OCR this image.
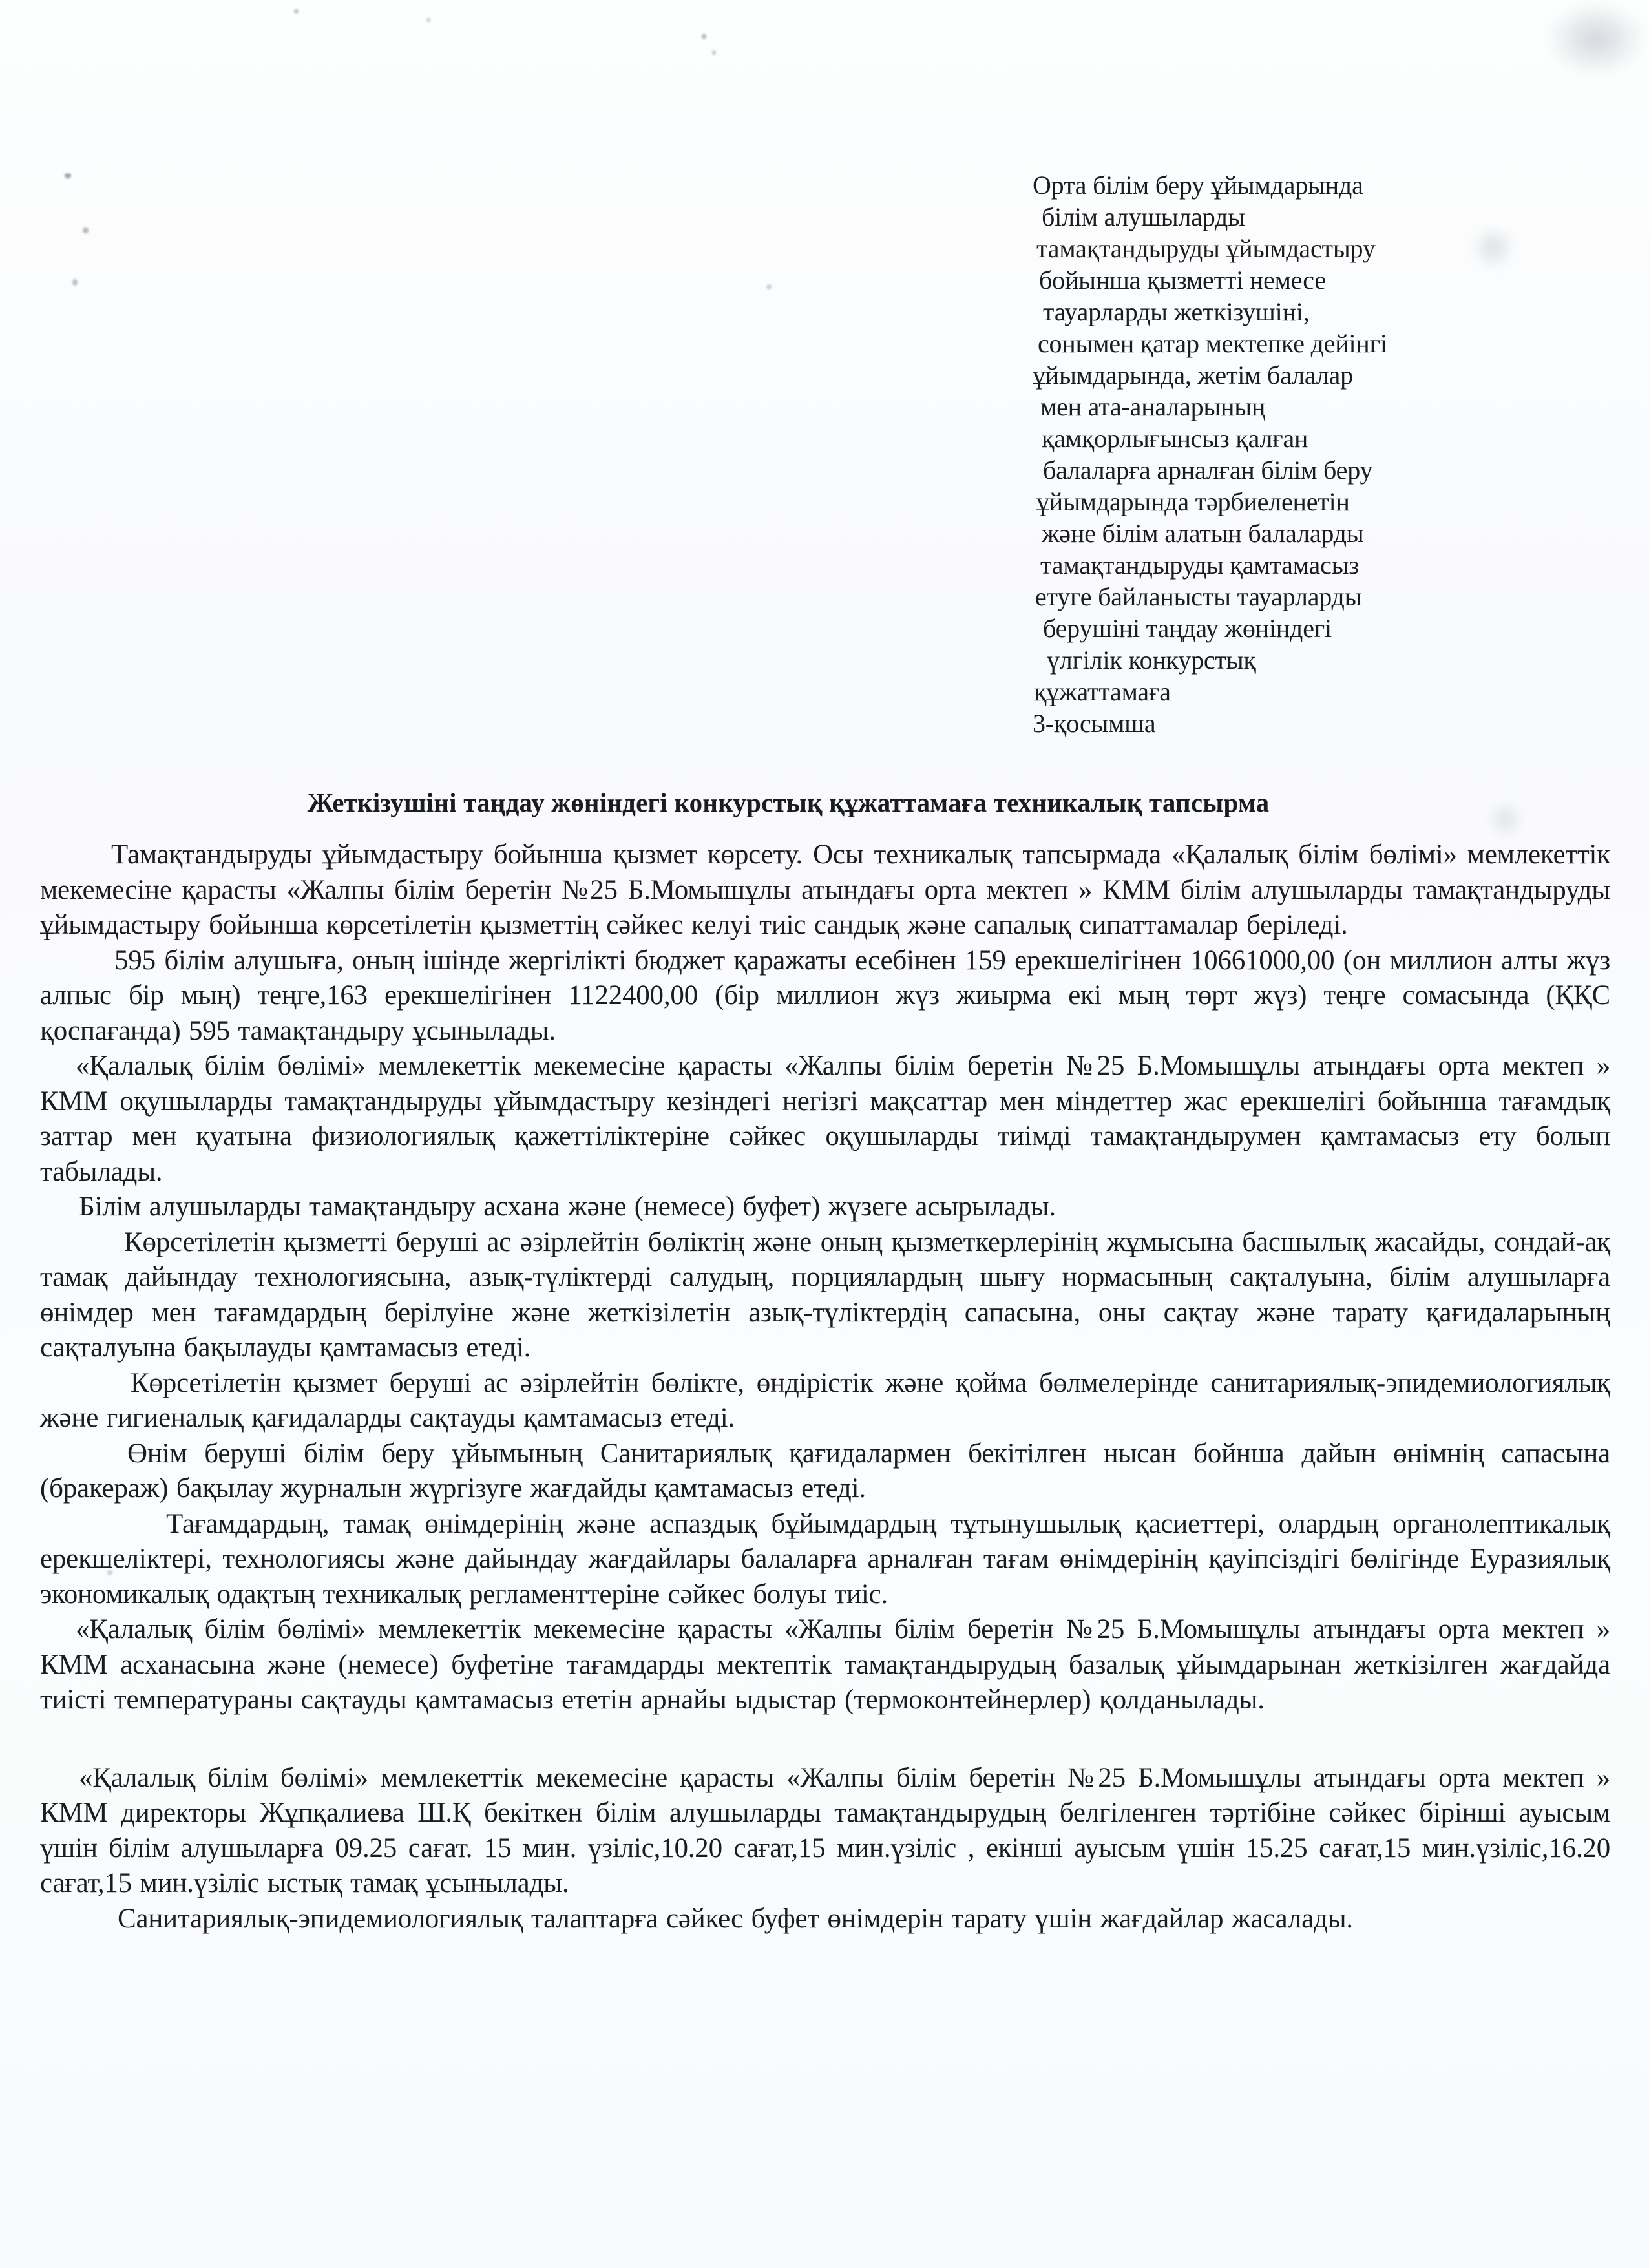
Орта білім беру ұйымдарында
білім алушыларды
тамақтандыруды ұйымдастыру
бойынша қызметті немесе
тауарларды жеткізушіні,
сонымен қатар мектепке дейінгі
ұйымдарында, жетім балалар
мен ата-аналарының
қамқорлығынсыз қалған
балаларға арналған білім беру
ұйымдарында тәрбиеленетін
және білім алатын балаларды
тамақтандыруды қамтамасыз
етуге байланысты тауарларды
берушіні таңдау жөніндегі
үлгілік конкурстық
құжаттамаға
3-қосымша
Жеткізушіні таңдау жөніндегі конкурстық құжаттамаға техникалық тапсырма

Тамақтандыруды ұйымдастыру бойынша қызмет көрсету. Осы техникалық тапсырмада «Қалалық білім бөлімі» мемлекеттік мекемесіне қарасты «Жалпы білім беретін №25 Б.Момышұлы атындағы орта мектеп » КММ білім алушыларды тамақтандыруды ұйымдастыру бойынша көрсетілетін қызметтің сәйкес келуі тиіс сандық және сапалық сипаттамалар беріледі.

595 білім алушыға, оның ішінде жергілікті бюджет қаражаты есебінен 159 ерекшелігінен 10661000,00 (он миллион алты жүз алпыс бір мың) теңге,163 ерекшелігінен 1122400,00 (бір миллион жүз жиырма екі мың төрт жүз) теңге сомасында (ҚҚС қоспағанда) 595 тамақтандыру ұсынылады.

«Қалалық білім бөлімі» мемлекеттік мекемесіне қарасты «Жалпы білім беретін №25 Б.Момышұлы атындағы орта мектеп » КММ оқушыларды тамақтандыруды ұйымдастыру кезіндегі негізгі мақсаттар мен міндеттер жас ерекшелігі бойынша тағамдық заттар мен қуатына физиологиялық қажеттіліктеріне сәйкес оқушыларды тиімді тамақтандырумен қамтамасыз ету болып табылады.

Білім алушыларды тамақтандыру асхана және (немесе) буфет) жүзеге асырылады.

Көрсетілетін қызметті беруші ас әзірлейтін бөліктің және оның қызметкерлерінің жұмысына басшылық жасайды, сондай-ақ тамақ дайындау технологиясына, азық-түліктерді салудың, порциялардың шығу нормасының сақталуына, білім алушыларға өнімдер мен тағамдардың берілуіне және жеткізілетін азық-түліктердің сапасына, оны сақтау және тарату қағидаларының сақталуына бақылауды қамтамасыз етеді.

Көрсетілетін қызмет беруші ас әзірлейтін бөлікте, өндірістік және қойма бөлмелерінде санитариялық-эпидемиологиялық және гигиеналық қағидаларды сақтауды қамтамасыз етеді.

Өнім беруші білім беру ұйымының Санитариялық қағидалармен бекітілген нысан бойнша дайын өнімнің сапасына (бракераж) бақылау журналын жүргізуге жағдайды қамтамасыз етеді.

Тағамдардың, тамақ өнімдерінің және аспаздық бұйымдардың тұтынушылық қасиеттері, олардың органолептикалық ерекшеліктері, технологиясы және дайындау жағдайлары балаларға арналған тағам өнімдерінің қауіпсіздігі бөлігінде Еуразиялық экономикалық одақтың техникалық регламенттеріне сәйкес болуы тиіс.

«Қалалық білім бөлімі» мемлекеттік мекемесіне қарасты «Жалпы білім беретін №25 Б.Момышұлы атындағы орта мектеп » КММ асханасына және (немесе) буфетіне тағамдарды мектептік тамақтандырудың базалық ұйымдарынан жеткізілген жағдайда тиісті температураны сақтауды қамтамасыз ететін арнайы ыдыстар (термоконтейнерлер) қолданылады.

«Қалалық білім бөлімі» мемлекеттік мекемесіне қарасты «Жалпы білім беретін №25 Б.Момышұлы атындағы орта мектеп » КММ директоры Жұпқалиева Ш.Қ бекіткен білім алушыларды тамақтандырудың белгіленген тәртібіне сәйкес бірінші ауысым үшін білім алушыларға 09.25 сағат. 15 мин. үзіліс,10.20 сағат,15 мин.үзіліс , екінші ауысым үшін 15.25 сағат,15 мин.үзіліс,16.20 сағат,15 мин.үзіліс ыстық тамақ ұсынылады.

Санитариялық-эпидемиологиялық талаптарға сәйкес буфет өнімдерін тарату үшін жағдайлар жасалады.
